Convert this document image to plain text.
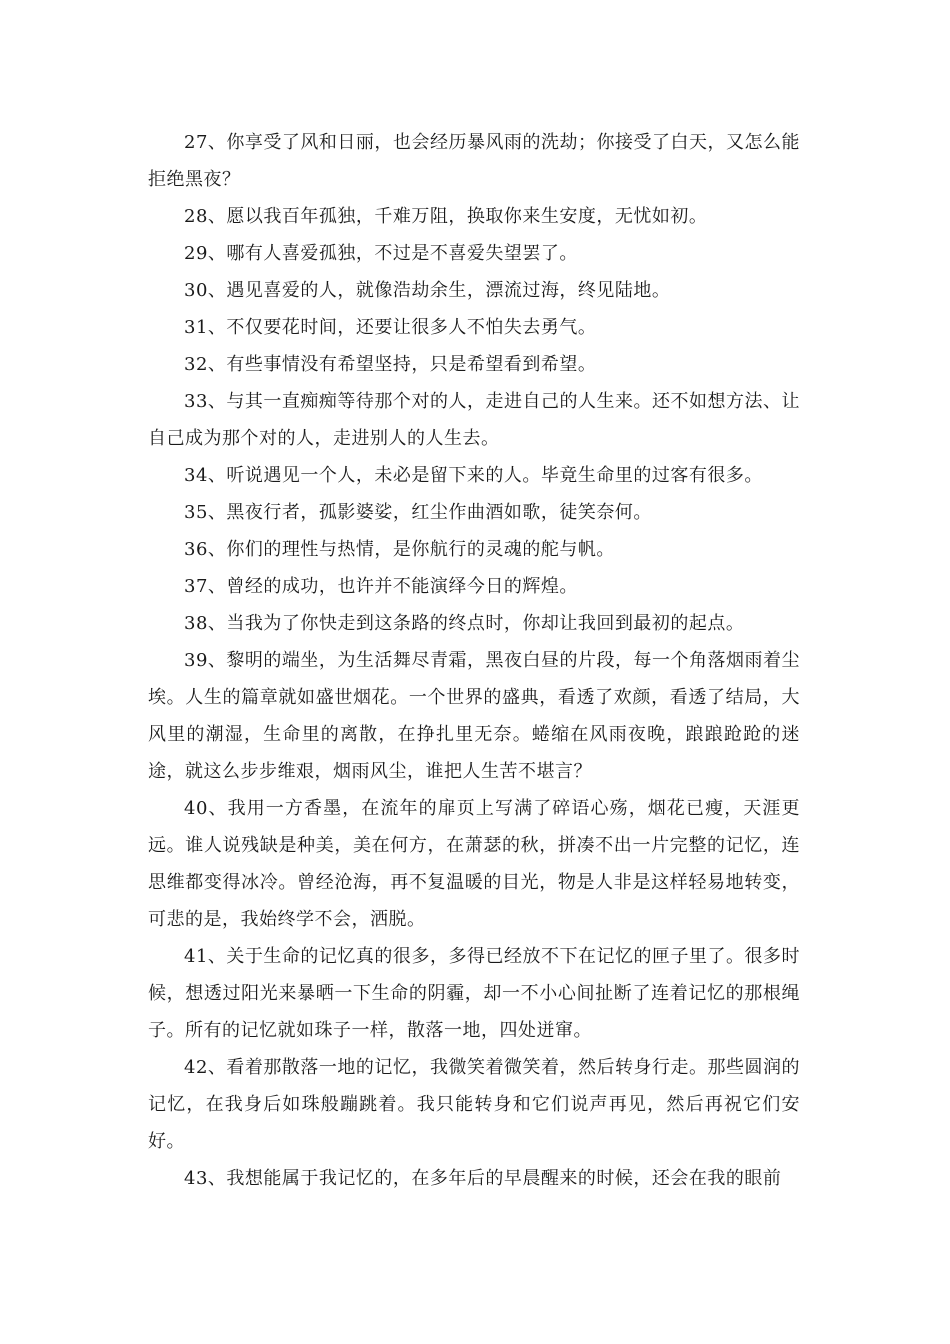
27、你享受了风和日丽，也会经历暴风雨的洗劫；你接受了白天，又怎么能拒绝黑夜？

28、愿以我百年孤独，千难万阻，换取你来生安度，无忧如初。

29、哪有人喜爱孤独，不过是不喜爱失望罢了。

30、遇见喜爱的人，就像浩劫余生，漂流过海，终见陆地。

31、不仅要花时间，还要让很多人不怕失去勇气。

32、有些事情没有希望坚持，只是希望看到希望。

33、与其一直痴痴等待那个对的人，走进自己的人生来。还不如想方法、让自己成为那个对的人，走进别人的人生去。

34、听说遇见一个人，未必是留下来的人。毕竟生命里的过客有很多。

35、黑夜行者，孤影婆娑，红尘作曲酒如歌，徒笑奈何。

36、你们的理性与热情，是你航行的灵魂的舵与帆。

37、曾经的成功，也许并不能演绎今日的辉煌。

38、当我为了你快走到这条路的终点时，你却让我回到最初的起点。

39、黎明的端坐，为生活舞尽青霜，黑夜白昼的片段，每一个角落烟雨着尘埃。人生的篇章就如盛世烟花。一个世界的盛典，看透了欢颜，看透了结局，大风里的潮湿，生命里的离散，在挣扎里无奈。蜷缩在风雨夜晚，踉踉跄跄的迷途，就这么步步维艰，烟雨风尘，谁把人生苦不堪言？

40、我用一方香墨，在流年的扉页上写满了碎语心殇，烟花已瘦，天涯更远。谁人说残缺是种美，美在何方，在萧瑟的秋，拼凑不出一片完整的记忆，连思维都变得冰冷。曾经沧海，再不复温暖的目光，物是人非是这样轻易地转变，可悲的是，我始终学不会，洒脱。

41、关于生命的记忆真的很多，多得已经放不下在记忆的匣子里了。很多时候，想透过阳光来暴晒一下生命的阴霾，却一不小心间扯断了连着记忆的那根绳子。所有的记忆就如珠子一样，散落一地，四处迸窜。

42、看着那散落一地的记忆，我微笑着微笑着，然后转身行走。那些圆润的记忆，在我身后如珠般蹦跳着。我只能转身和它们说声再见，然后再祝它们安好。

43、我想能属于我记忆的，在多年后的早晨醒来的时候，还会在我的眼前
